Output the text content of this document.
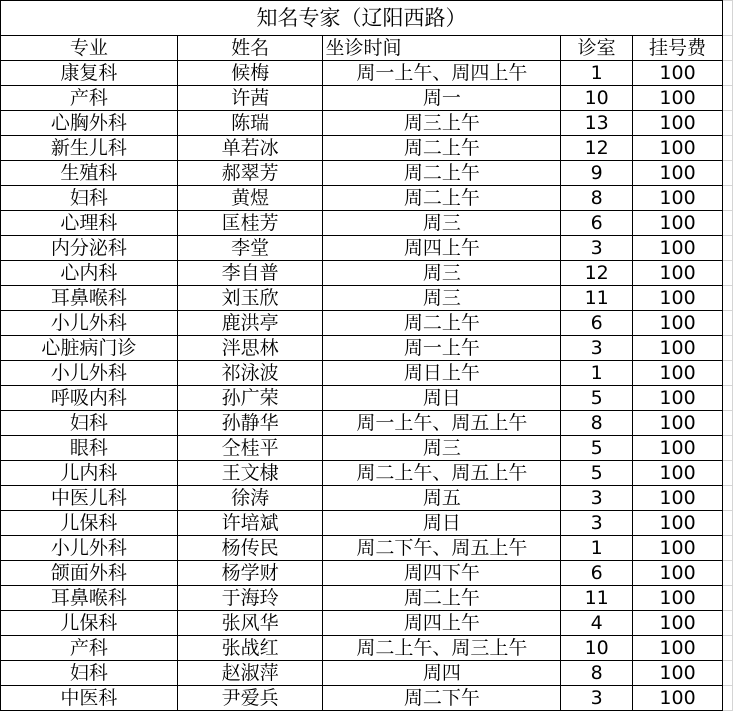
知名专家（辽阳西路）					
专业	姓名	坐诊时间	诊室	挂号费	
康复科	候梅	周一上午、周四上午	1	100	
产科	许茜	周一	10	100	
心胸外科	陈瑞	周三上午	13	100	
新生儿科	单若冰	周二上午	12	100	
生殖科	郝翠芳	周二上午	9	100	
妇科	黄煜	周二上午	8	100	
心理科	匡桂芳	周三	6	100	
内分泌科	李堂	周四上午	3	100	
心内科	李自普	周三	12	100	
耳鼻喉科	刘玉欣	周三	11	100	
小儿外科	鹿洪亭	周二上午	6	100	
心脏病门诊	泮思林	周一上午	3	100	
小儿外科	祁泳波	周日上午	1	100	
呼吸内科	孙广荣	周日	5	100	
妇科	孙静华	周一上午、周五上午	8	100	
眼科	仝桂平	周三	5	100	
儿内科	王文棣	周二上午、周五上午	5	100	
中医儿科	徐涛	周五	3	100	
儿保科	许培斌	周日	3	100	
小儿外科	杨传民	周二下午、周五上午	1	100	
颌面外科	杨学财	周四下午	6	100	
耳鼻喉科	于海玲	周二上午	11	100	
儿保科	张风华	周四上午	4	100	
产科	张战红	周二上午、周三上午	10	100	
妇科	赵淑萍	周四	8	100	
中医科	尹爱兵	周二下午	3	100	
